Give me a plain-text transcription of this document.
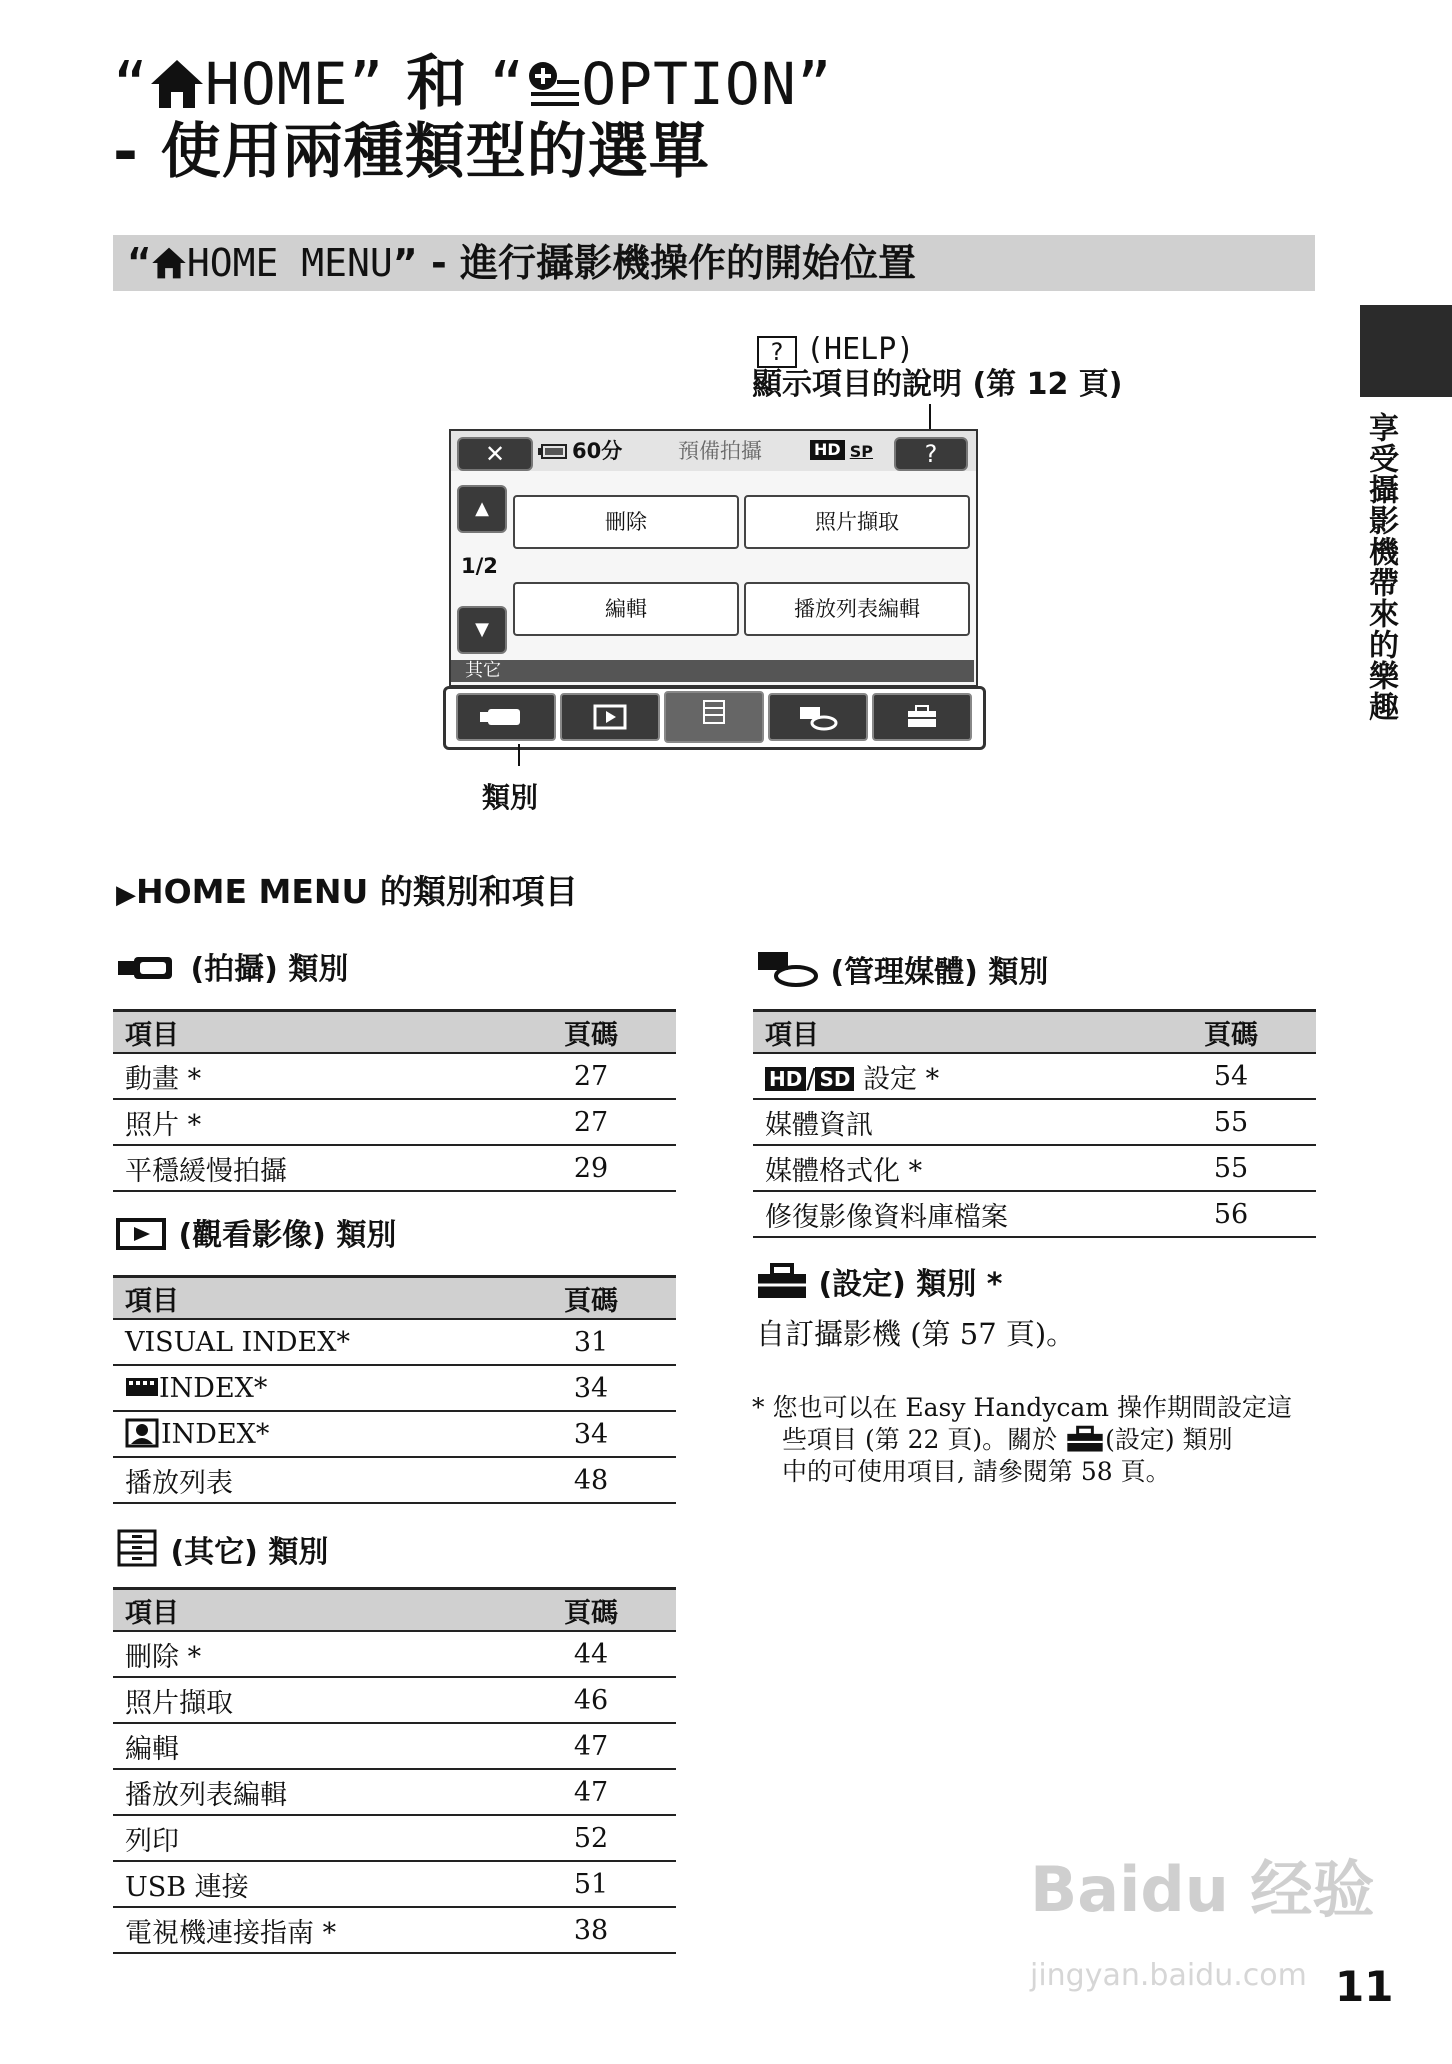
“ HOME” 和 “ OPTION”
- 使用兩種類型的選單
“ HOME MENU” - 進行攝影機操作的開始位置
享受攝影機帶來的樂趣
? (HELP)
顯示項目的說明 (第 12 頁)
✕	60分	預備拍攝	HD SP	?
▲
1/2
▼
刪除	照片擷取
編輯	播放列表編輯
其它
類別
▶HOME MENU 的類別和項目
(拍攝) 類別
項目	頁碼
動畫 *	27
照片 *	27
平穩緩慢拍攝	29
(觀看影像) 類別
項目	頁碼
VISUAL INDEX*	31
INDEX*	34
INDEX*	34
播放列表	48
(其它) 類別
項目	頁碼
刪除 *	44
照片擷取	46
編輯	47
播放列表編輯	47
列印	52
USB 連接	51
電視機連接指南 *	38
(管理媒體) 類別
項目	頁碼
HD / SD 設定 *	54
媒體資訊	55
媒體格式化 *	55
修復影像資料庫檔案	56
(設定) 類別 *
自訂攝影機 (第 57 頁)。
* 您也可以在 Easy Handycam 操作期間設定這
些項目 (第 22 頁)。關於 (設定) 類別
中的可使用項目, 請參閱第 58 頁。
Baidu 经验
jingyan.baidu.com 11
